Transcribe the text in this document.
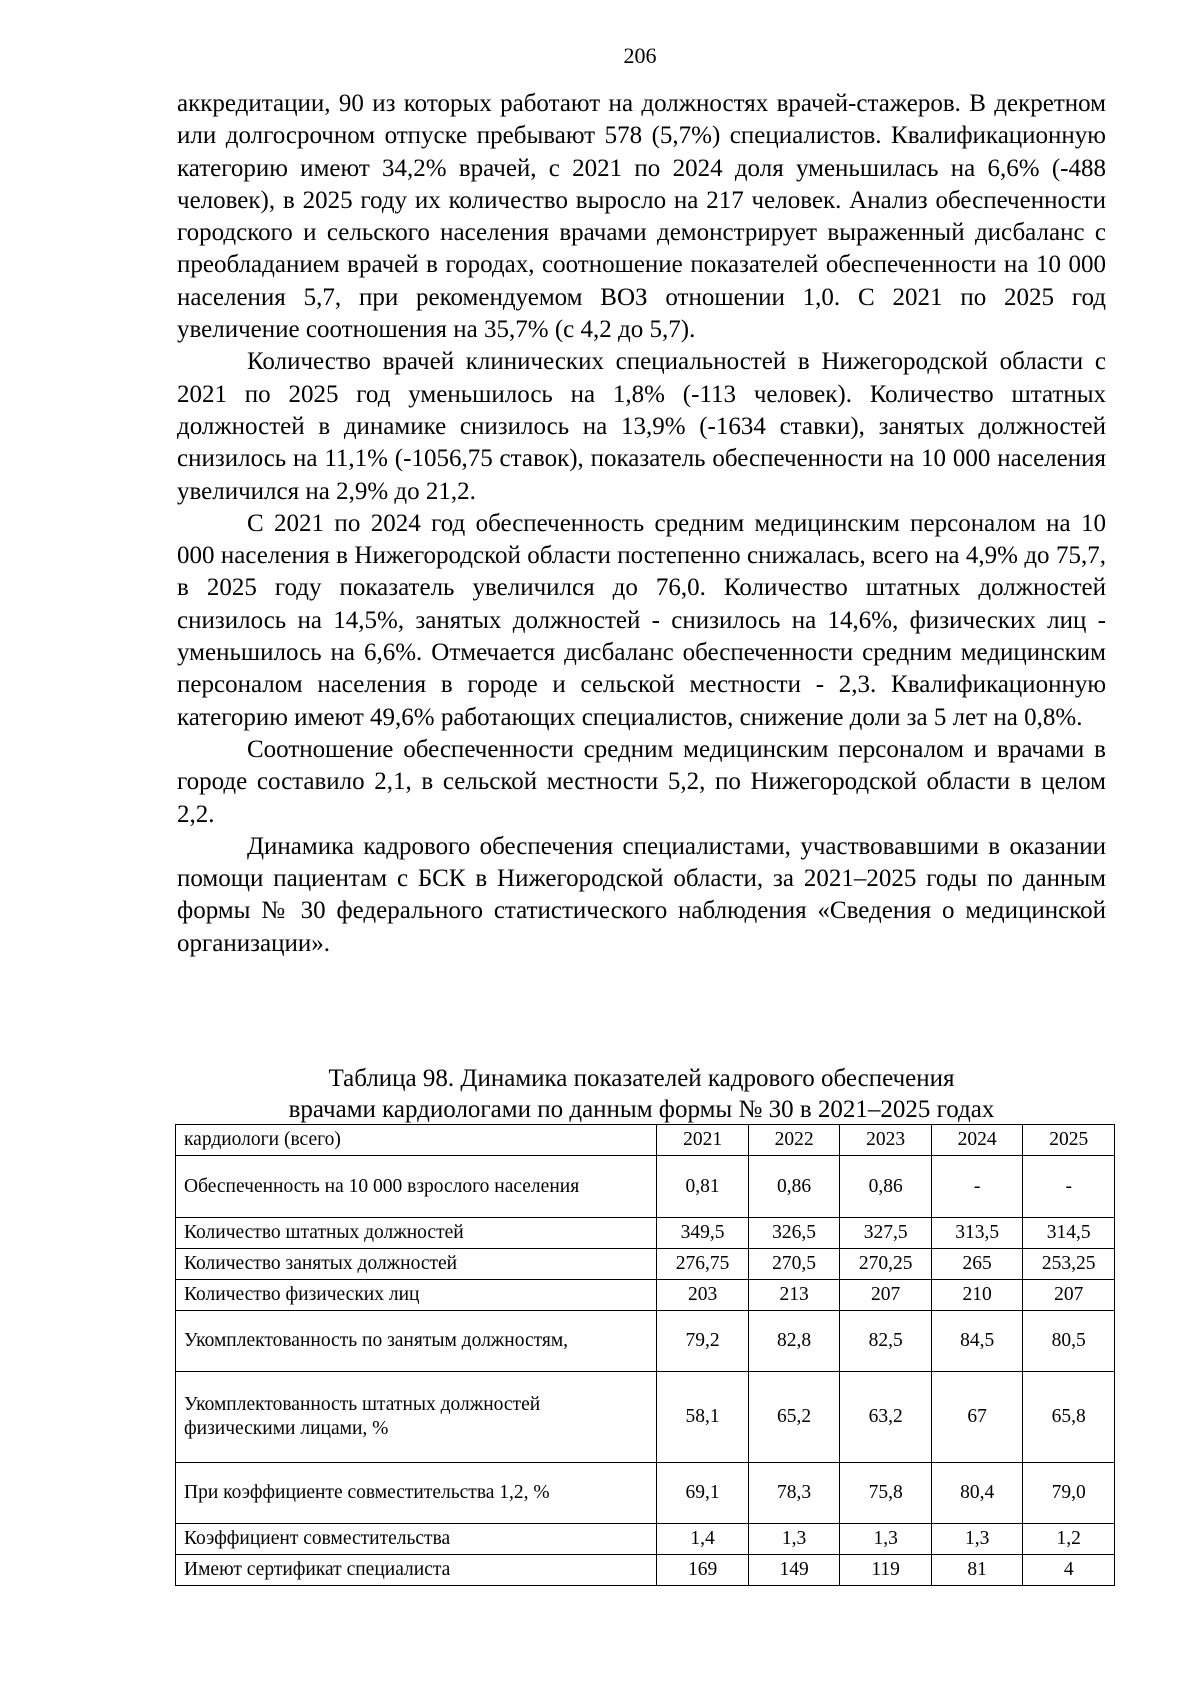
206

аккредитации, 90 из которых работают на должностях врачей-стажеров. В декретном или долгосрочном отпуске пребывают 578 (5,7%) специалистов. Квалификационную категорию имеют 34,2% врачей, с 2021 по 2024 доля уменьшилась на 6,6% (-488 человек), в 2025 году их количество выросло на 217 человек. Анализ обеспеченности городского и сельского населения врачами демонстрирует выраженный дисбаланс с преобладанием врачей в городах, соотношение показателей обеспеченности на 10 000 населения 5,7, при рекомендуемом ВОЗ отношении 1,0. С 2021 по 2025 год увеличение соотношения на 35,7% (с 4,2 до 5,7).

Количество врачей клинических специальностей в Нижегородской области с 2021 по 2025 год уменьшилось на 1,8% (-113 человек). Количество штатных должностей в динамике снизилось на 13,9% (-1634 ставки), занятых должностей снизилось на 11,1% (-1056,75 ставок), показатель обеспеченности на 10 000 населения увеличился на 2,9% до 21,2.

С 2021 по 2024 год обеспеченность средним медицинским персоналом на 10 000 населения в Нижегородской области постепенно снижалась, всего на 4,9% до 75,7, в 2025 году показатель увеличился до 76,0. Количество штатных должностей снизилось на 14,5%, занятых должностей - снизилось на 14,6%, физических лиц - уменьшилось на 6,6%. Отмечается дисбаланс обеспеченности средним медицинским персоналом населения в городе и сельской местности - 2,3. Квалификационную категорию имеют 49,6% работающих специалистов, снижение доли за 5 лет на 0,8%.

Соотношение обеспеченности средним медицинским персоналом и врачами в городе составило 2,1, в сельской местности 5,2, по Нижегородской области в целом 2,2.

Динамика кадрового обеспечения специалистами, участвовавшими в оказании помощи пациентам с БСК в Нижегородской области, за 2021–2025 годы по данным формы № 30 федерального статистического наблюдения «Сведения о медицинской организации».

Таблица 98. Динамика показателей кадрового обеспечения
врачами кардиологами по данным формы № 30 в 2021–2025 годах
кардиологи (всего)	2021	2022	2023	2024	2025
Обеспеченность на 10 000 взрослого населения	0,81	0,86	0,86	-	-
Количество штатных должностей	349,5	326,5	327,5	313,5	314,5
Количество занятых должностей	276,75	270,5	270,25	265	253,25
Количество физических лиц	203	213	207	210	207
Укомплектованность по занятым должностям,	79,2	82,8	82,5	84,5	80,5
Укомплектованность штатных должностей физическими лицами, %	58,1	65,2	63,2	67	65,8
При коэффициенте совместительства 1,2, %	69,1	78,3	75,8	80,4	79,0
Коэффициент совместительства	1,4	1,3	1,3	1,3	1,2
Имеют сертификат специалиста	169	149	119	81	4
